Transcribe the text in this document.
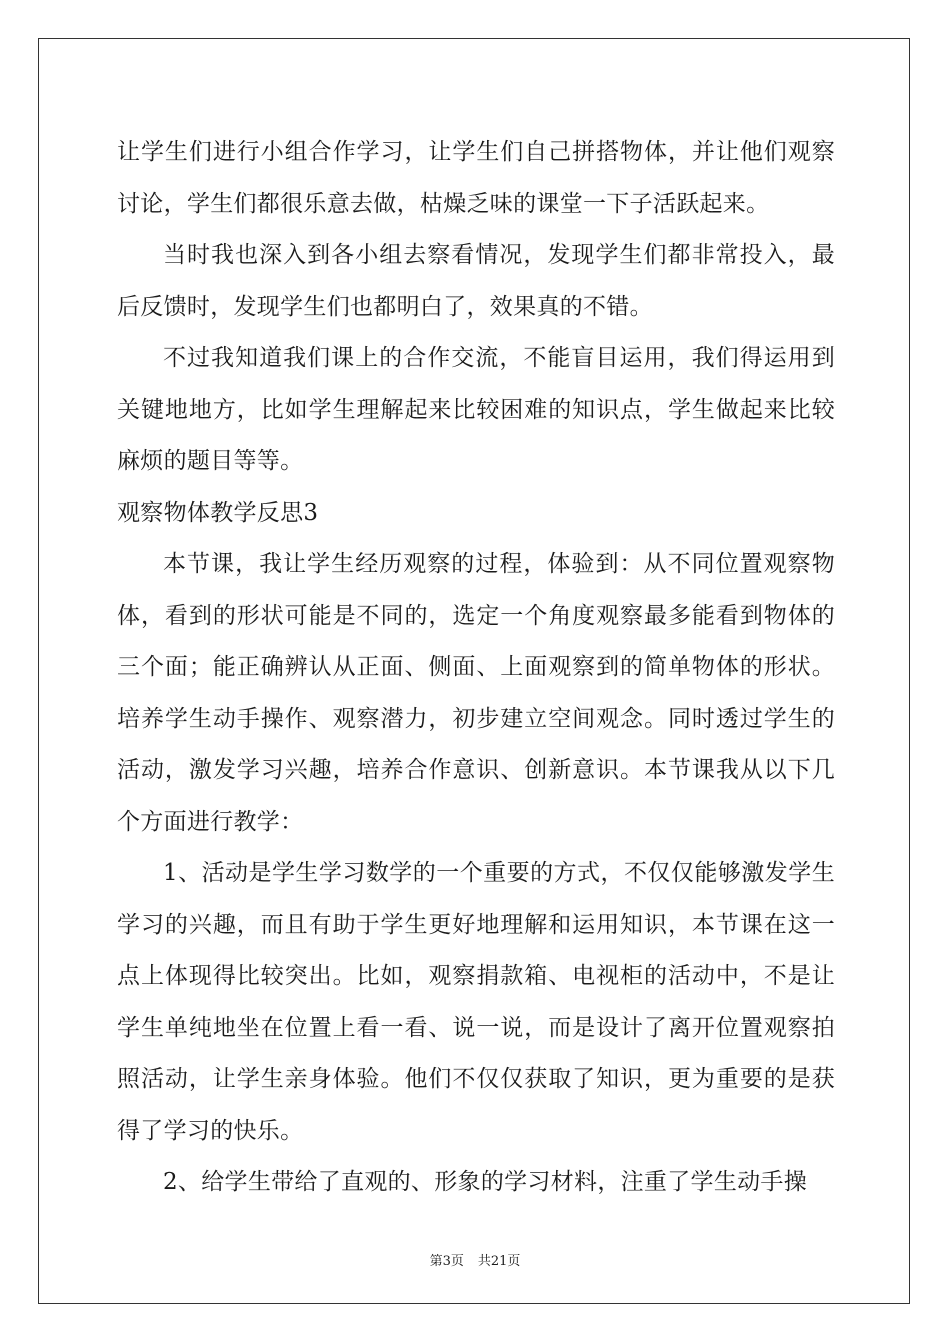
让学生们进行小组合作学习，让学生们自己拼搭物体，并让他们观察讨论，学生们都很乐意去做，枯燥乏味的课堂一下子活跃起来。

当时我也深入到各小组去察看情况，发现学生们都非常投入，最后反馈时，发现学生们也都明白了，效果真的不错。

不过我知道我们课上的合作交流，不能盲目运用，我们得运用到关键地地方，比如学生理解起来比较困难的知识点，学生做起来比较麻烦的题目等等。

观察物体教学反思3

本节课，我让学生经历观察的过程，体验到：从不同位置观察物体，看到的形状可能是不同的，选定一个角度观察最多能看到物体的三个面；能正确辨认从正面、侧面、上面观察到的简单物体的形状。培养学生动手操作、观察潜力，初步建立空间观念。同时透过学生的活动，激发学习兴趣，培养合作意识、创新意识。本节课我从以下几个方面进行教学：

1、活动是学生学习数学的一个重要的方式，不仅仅能够激发学生学习的兴趣，而且有助于学生更好地理解和运用知识，本节课在这一点上体现得比较突出。比如，观察捐款箱、电视柜的活动中，不是让学生单纯地坐在位置上看一看、说一说，而是设计了离开位置观察拍照活动，让学生亲身体验。他们不仅仅获取了知识，更为重要的是获得了学习的快乐。

2、给学生带给了直观的、形象的学习材料，注重了学生动手操

第3页 共21页
